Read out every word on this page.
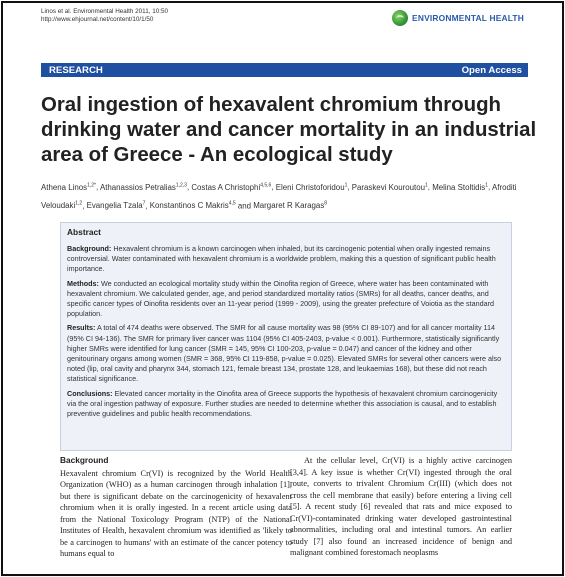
Linos et al. Environmental Health 2011, 10:50
http://www.ehjournal.net/content/10/1/50	ENVIRONMENTAL HEALTH
RESEARCH	Open Access
Oral ingestion of hexavalent chromium through drinking water and cancer mortality in an industrial area of Greece - An ecological study
Athena Linos$^{1,2*}$, Athanassios Petralias$^{1,2,3}$, Costas A Christophi$^{4,5,6}$, Eleni Christoforidou$^1$, Paraskevi Kouroutou$^1$, Melina Stoltidis$^1$, Afroditi Veloudaki$^{1,2}$, Evangelia Tzala$^7$, Konstantinos C Makris$^{4,5}$ and Margaret R Karagas$^8$
Abstract

Background: Hexavalent chromium is a known carcinogen when inhaled, but its carcinogenic potential when orally ingested remains controversial. Water contaminated with hexavalent chromium is a worldwide problem, making this a question of significant public health importance.

Methods: We conducted an ecological mortality study within the Oinofita region of Greece, where water has been contaminated with hexavalent chromium. We calculated gender, age, and period standardized mortality ratios (SMRs) for all deaths, cancer deaths, and specific cancer types of Oinofita residents over an 11-year period (1999 - 2009), using the greater prefecture of Voiotia as the standard population.

Results: A total of 474 deaths were observed. The SMR for all cause mortality was 98 (95% CI 89-107) and for all cancer mortality 114 (95% CI 94-136). The SMR for primary liver cancer was 1104 (95% CI 405-2403, p-value < 0.001). Furthermore, statistically significantly higher SMRs were identified for lung cancer (SMR = 145, 95% CI 100-203, p-value = 0.047) and cancer of the kidney and other genitourinary organs among women (SMR = 368, 95% CI 119-858, p-value = 0.025). Elevated SMRs for several other cancers were also noted (lip, oral cavity and pharynx 344, stomach 121, female breast 134, prostate 128, and leukaemias 168), but these did not reach statistical significance.

Conclusions: Elevated cancer mortality in the Oinofita area of Greece supports the hypothesis of hexavalent chromium carcinogenicity via the oral ingestion pathway of exposure. Further studies are needed to determine whether this association is causal, and to establish preventive guidelines and public health recommendations.

Background

Hexavalent chromium Cr(VI) is recognized by the World Health Organization (WHO) as a human carcinogen through inhalation [1], but there is significant debate on the carcinogenicity of hexavalent chromium when it is orally ingested. In a recent article using data from the National Toxicology Program (NTP) of the National Institutes of Health, hexavalent chromium was identified as 'likely to be a carcinogen to humans' with an estimate of the cancer potency to humans equal to

At the cellular level, Cr(VI) is a highly active carcinogen [3,4]. A key issue is whether Cr(VI) ingested through the oral route, converts to trivalent Chromium Cr(III) (which does not cross the cell membrane that easily) before entering a living cell [5]. A recent study [6] revealed that rats and mice exposed to Cr(VI)-contaminated drinking water developed gastrointestinal abnormalities, including oral and intestinal tumors. An earlier study [7] also found an increased incidence of benign and malignant combined forestomach neoplasms
